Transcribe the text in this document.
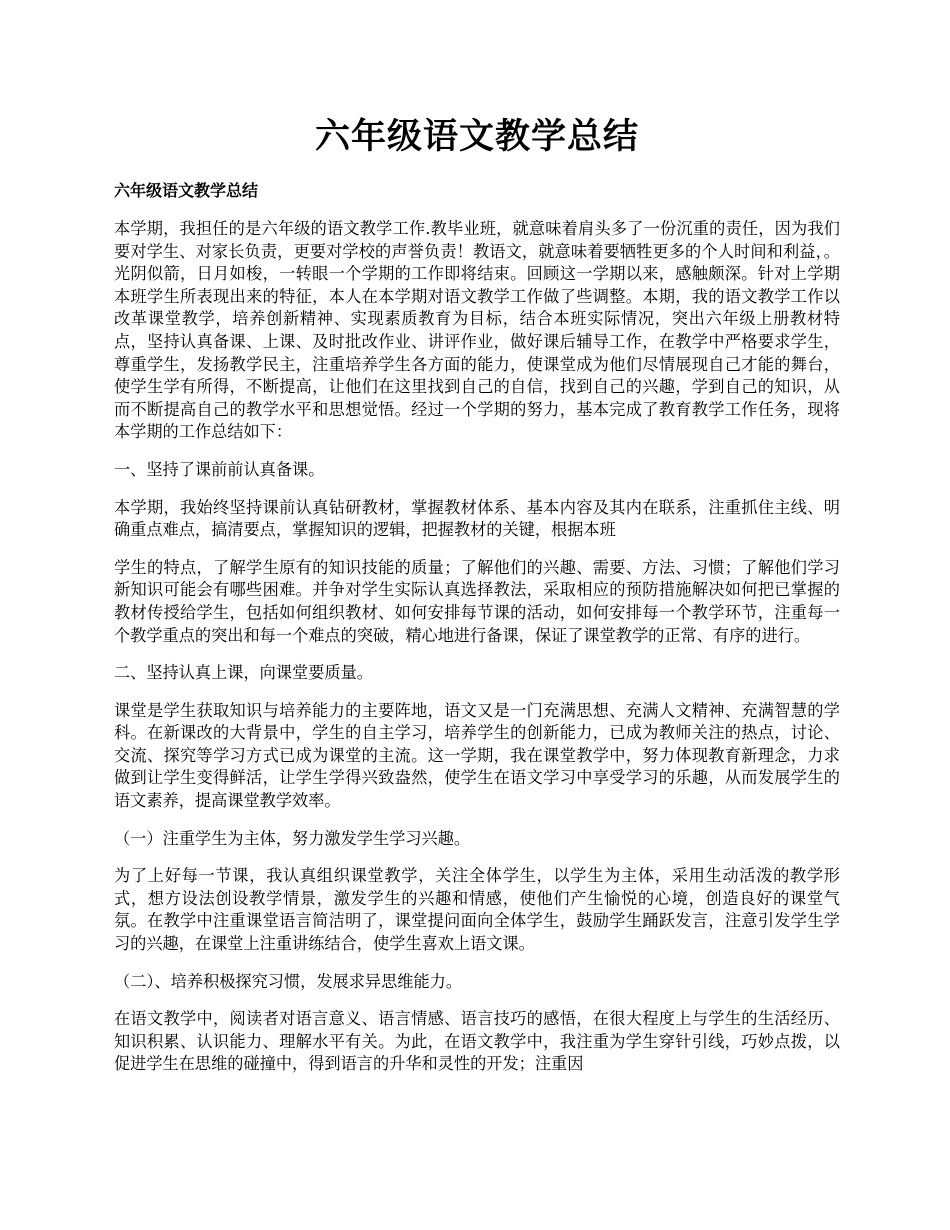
六年级语文教学总结

六年级语文教学总结

本学期，我担任的是六年级的语文教学工作.教毕业班，就意味着肩头多了一份沉重的责任，因为我们要对学生、对家长负责，更要对学校的声誉负责！教语文，就意味着要牺牲更多的个人时间和利益，。光阴似箭，日月如梭，一转眼一个学期的工作即将结束。回顾这一学期以来，感触颇深。针对上学期本班学生所表现出来的特征，本人在本学期对语文教学工作做了些调整。本期，我的语文教学工作以改革课堂教学，培养创新精神、实现素质教育为目标，结合本班实际情况，突出六年级上册教材特点，坚持认真备课、上课、及时批改作业、讲评作业，做好课后辅导工作，在教学中严格要求学生，尊重学生，发扬教学民主，注重培养学生各方面的能力，使课堂成为他们尽情展现自己才能的舞台，使学生学有所得，不断提高，让他们在这里找到自己的自信，找到自己的兴趣，学到自己的知识，从而不断提高自己的教学水平和思想觉悟。经过一个学期的努力，基本完成了教育教学工作任务，现将本学期的工作总结如下：

一、坚持了课前前认真备课。

本学期，我始终坚持课前认真钻研教材，掌握教材体系、基本内容及其内在联系，注重抓住主线、明确重点难点，搞清要点，掌握知识的逻辑，把握教材的关键，根据本班

学生的特点，了解学生原有的知识技能的质量；了解他们的兴趣、需要、方法、习惯；了解他们学习新知识可能会有哪些困难。并争对学生实际认真选择教法，采取相应的预防措施解决如何把已掌握的教材传授给学生，包括如何组织教材、如何安排每节课的活动，如何安排每一个教学环节，注重每一个教学重点的突出和每一个难点的突破，精心地进行备课，保证了课堂教学的正常、有序的进行。

二、坚持认真上课，向课堂要质量。

课堂是学生获取知识与培养能力的主要阵地，语文又是一门充满思想、充满人文精神、充满智慧的学科。在新课改的大背景中，学生的自主学习，培养学生的创新能力，已成为教师关注的热点，讨论、交流、探究等学习方式已成为课堂的主流。这一学期，我在课堂教学中，努力体现教育新理念，力求做到让学生变得鲜活，让学生学得兴致盎然，使学生在语文学习中享受学习的乐趣，从而发展学生的语文素养，提高课堂教学效率。

（一）注重学生为主体，努力激发学生学习兴趣。

为了上好每一节课，我认真组织课堂教学，关注全体学生，以学生为主体，采用生动活泼的教学形式，想方设法创设教学情景，激发学生的兴趣和情感，使他们产生愉悦的心境，创造良好的课堂气氛。在教学中注重课堂语言简洁明了，课堂提问面向全体学生，鼓励学生踊跃发言，注意引发学生学习的兴趣，在课堂上注重讲练结合，使学生喜欢上语文课。

（二）、培养积极探究习惯，发展求异思维能力。

在语文教学中，阅读者对语言意义、语言情感、语言技巧的感悟，在很大程度上与学生的生活经历、知识积累、认识能力、理解水平有关。为此，在语文教学中，我注重为学生穿针引线，巧妙点拨，以促进学生在思维的碰撞中，得到语言的升华和灵性的开发；注重因
